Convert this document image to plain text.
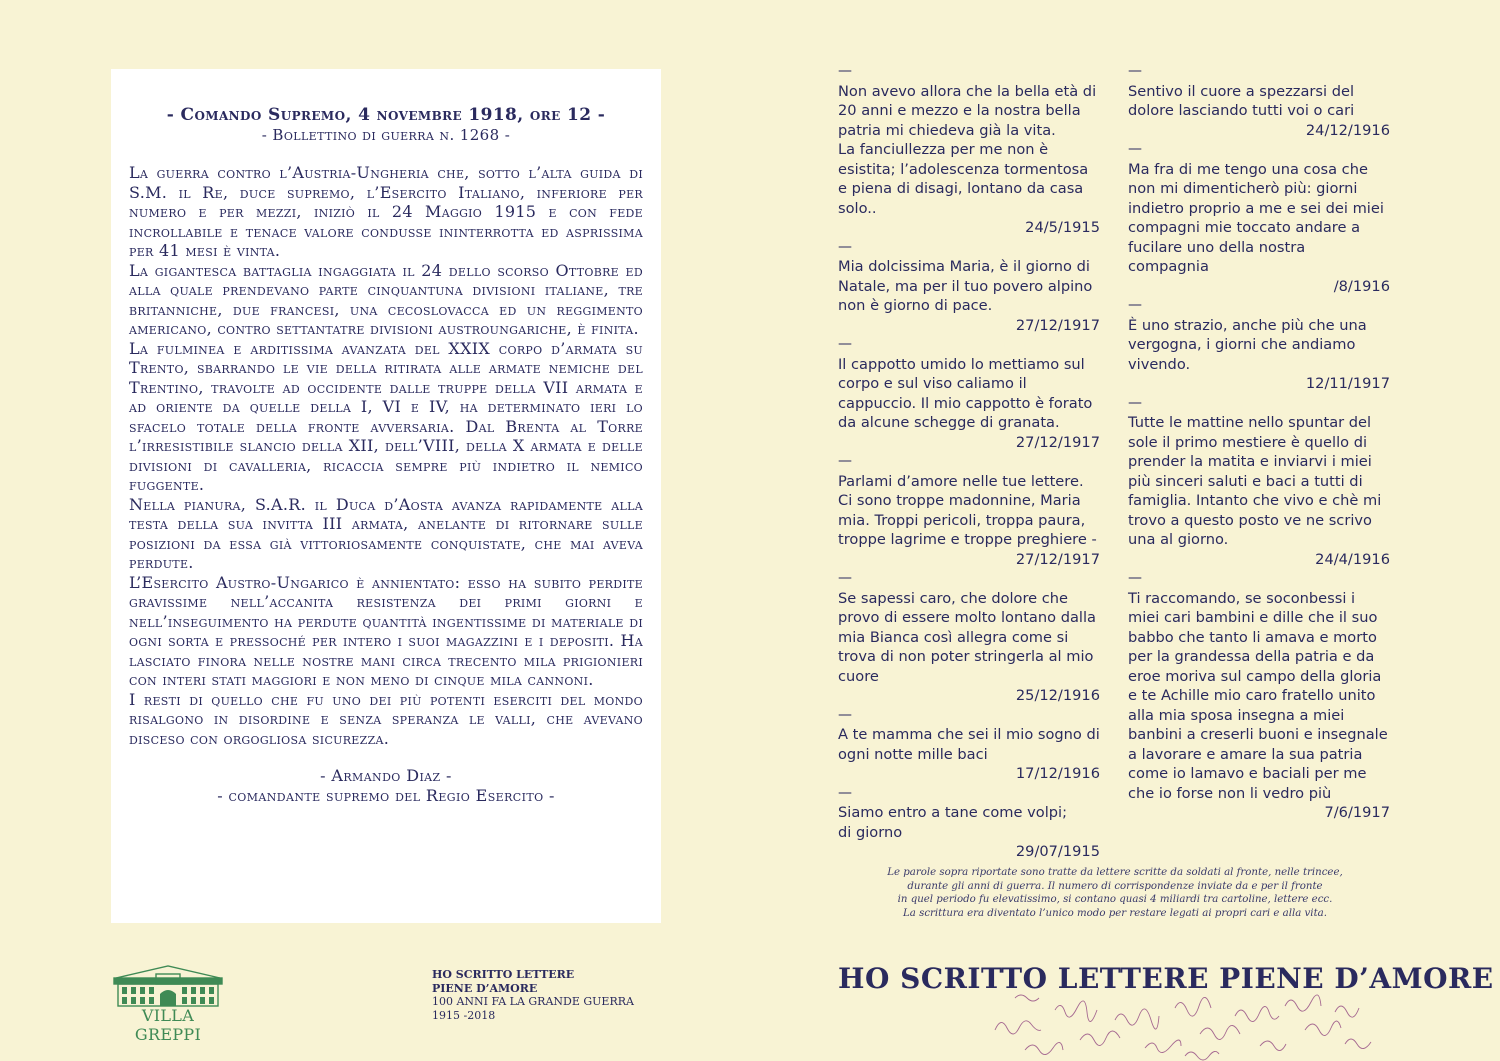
- Comando Supremo, 4 novembre 1918, ore 12 -
- Bollettino di guerra n. 1268 -

La guerra contro l’Austria-Ungheria che, sotto l’alta guida di S.M. il Re, duce supremo, l’Esercito Italiano, inferiore per numero e per mezzi, iniziò il 24 Maggio 1915 e con fede incrollabile e tenace valore condusse ininterrotta ed asprissima per 41 mesi è vinta.

La gigantesca battaglia ingaggiata il 24 dello scorso Ottobre ed alla quale prendevano parte cinquantuna divisioni italiane, tre britanniche, due francesi, una cecoslovacca ed un reggimento americano, contro settantatre divisioni austroungariche, è finita.

La fulminea e arditissima avanzata del XXIX corpo d’armata su Trento, sbarrando le vie della ritirata alle armate nemiche del Trentino, travolte ad occidente dalle truppe della VII armata e ad oriente da quelle della I, VI e IV, ha determinato ieri lo sfacelo totale della fronte avversaria. Dal Brenta al Torre l’irresistibile slancio della XII, dell’VIII, della X armata e delle divisioni di cavalleria, ricaccia sempre più indietro il nemico fuggente.

Nella pianura, S.A.R. il Duca d’Aosta avanza rapidamente alla testa della sua invitta III armata, anelante di ritornare sulle posizioni da essa già vittoriosamente conquistate, che mai aveva perdute.

L’Esercito Austro-Ungarico è annientato: esso ha subito perdite gravissime nell’accanita resistenza dei primi giorni e nell’inseguimento ha perdute quantità ingentissime di materiale di ogni sorta e pressoché per intero i suoi magazzini e i depositi. Ha lasciato finora nelle nostre mani circa trecento mila prigionieri con interi stati maggiori e non meno di cinque mila cannoni.

I resti di quello che fu uno dei più potenti eserciti del mondo risalgono in disordine e senza speranza le valli, che avevano disceso con orgogliosa sicurezza.

- Armando Diaz -
- comandante supremo del Regio Esercito -
—
Non avevo allora che la bella età di 20 anni e mezzo e la nostra bella patria mi chiedeva già la vita.
La fanciullezza per me non è esistita; l’adolescenza tormentosa e piena di disagi, lontano da casa solo..
24/5/1915
—
Mia dolcissima Maria, è il giorno di Natale, ma per il tuo povero alpino non è giorno di pace.
27/12/1917
—
Il cappotto umido lo mettiamo sul corpo e sul viso caliamo il cappuccio. Il mio cappotto è forato da alcune schegge di granata.
27/12/1917
—
Parlami d’amore nelle tue lettere. Ci sono troppe madonnine, Maria mia. Troppi pericoli, troppa paura, troppe lagrime e troppe preghiere -
27/12/1917
—
Se sapessi caro, che dolore che provo di essere molto lontano dalla mia Bianca così allegra come si trova di non poter stringerla al mio cuore
25/12/1916
—
A te mamma che sei il mio sogno di ogni notte mille baci
17/12/1916
—
Siamo entro a tane come volpi;
di giorno
29/07/1915
—
Sentivo il cuore a spezzarsi del dolore lasciando tutti voi o cari
24/12/1916
—
Ma fra di me tengo una cosa che non mi dimenticherò più: giorni indietro proprio a me e sei dei miei compagni mie toccato andare a fucilare uno della nostra compagnia
/8/1916
—
È uno strazio, anche più che una vergogna, i giorni che andiamo vivendo.
12/11/1917
—
Tutte le mattine nello spuntar del sole il primo mestiere è quello di prender la matita e inviarvi i miei più sinceri saluti e baci a tutti di famiglia. Intanto che vivo e chè mi trovo a questo posto ve ne scrivo una al giorno.
24/4/1916
—
Ti raccomando, se soconbessi i miei cari bambini e dille che il suo babbo che tanto li amava e morto per la grandessa della patria e da eroe moriva sul campo della gloria e te Achille mio caro fratello unito alla mia sposa insegna a miei banbini a creserli buoni e insegnale a lavorare e amare la sua patria come io lamavo e baciali per me che io forse non li vedro più
7/6/1917
Le parole sopra riportate sono tratte da lettere scritte da soldati al fronte, nelle trincee,
durante gli anni di guerra. Il numero di corrispondenze inviate da e per il fronte
in quel periodo fu elevatissimo, si contano quasi 4 miliardi tra cartoline, lettere ecc.
La scrittura era diventato l’unico modo per restare legati ai propri cari e alla vita.
VILLA GREPPI
HO SCRITTO LETTERE
PIENE D’AMORE
100 ANNI FA LA GRANDE GUERRA
1915 -2018
HO SCRITTO LETTERE PIENE D’AMORE
